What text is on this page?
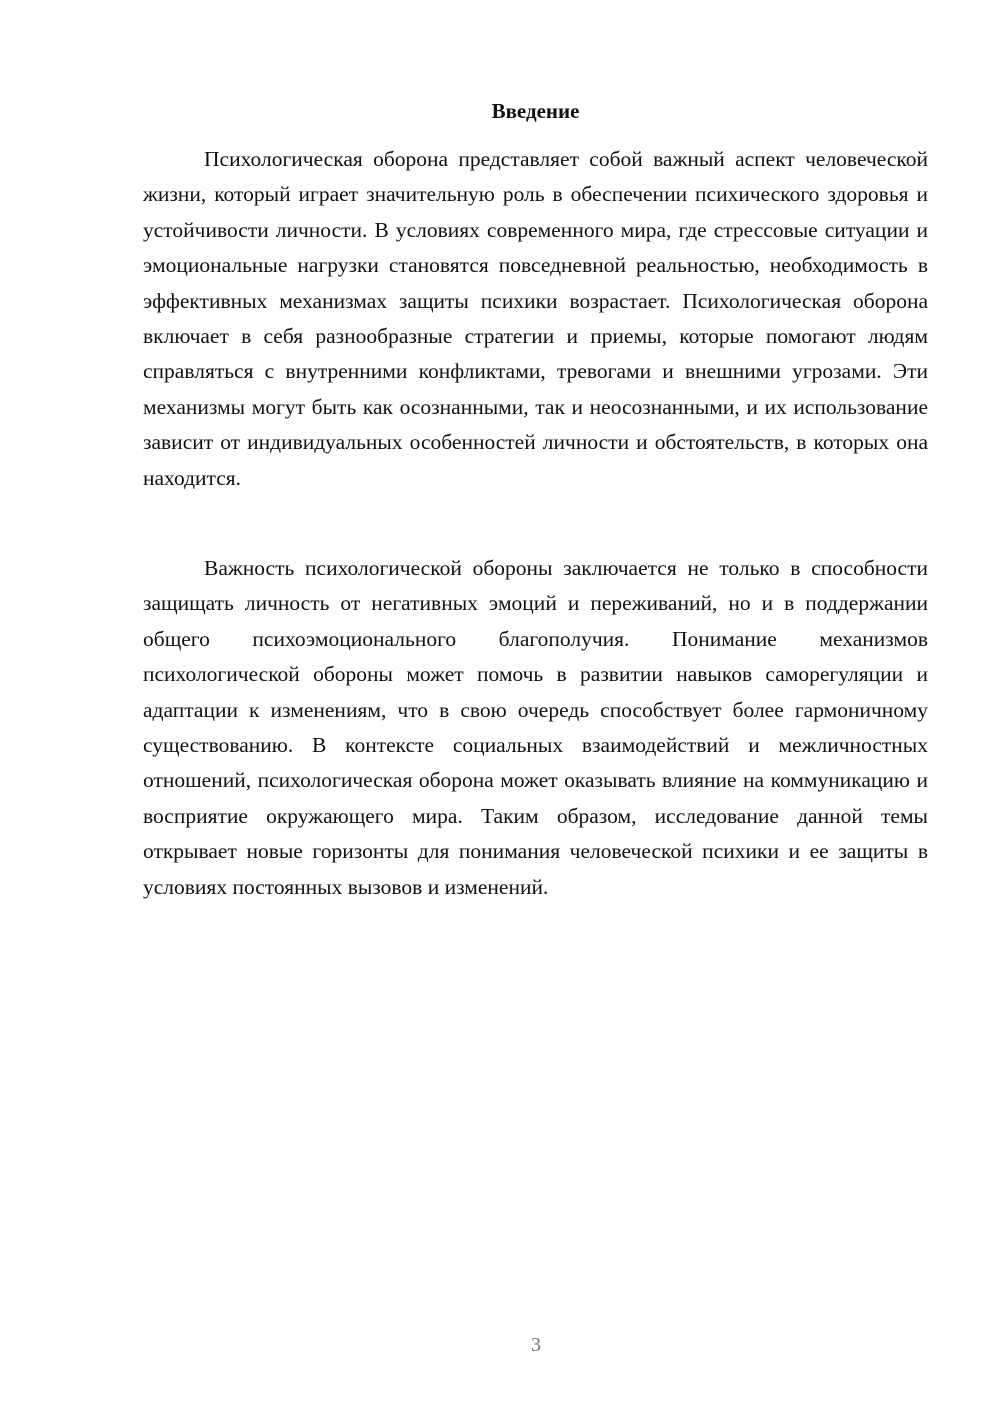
Введение

Психологическая оборона представляет собой важный аспект человеческой жизни, который играет значительную роль в обеспечении психического здоровья и устойчивости личности. В условиях современного мира, где стрессовые ситуации и эмоциональные нагрузки становятся повседневной реальностью, необходимость в эффективных механизмах защиты психики возрастает. Психологическая оборона включает в себя разнообразные стратегии и приемы, которые помогают людям справляться с внутренними конфликтами, тревогами и внешними угрозами. Эти механизмы могут быть как осознанными, так и неосознанными, и их использование зависит от индивидуальных особенностей личности и обстоятельств, в которых она находится.

Важность психологической обороны заключается не только в способности защищать личность от негативных эмоций и переживаний, но и в поддержании общего психоэмоционального благополучия. Понимание механизмов психологической обороны может помочь в развитии навыков саморегуляции и адаптации к изменениям, что в свою очередь способствует более гармоничному существованию. В контексте социальных взаимодействий и межличностных отношений, психологическая оборона может оказывать влияние на коммуникацию и восприятие окружающего мира. Таким образом, исследование данной темы открывает новые горизонты для понимания человеческой психики и ее защиты в условиях постоянных вызовов и изменений.

3
